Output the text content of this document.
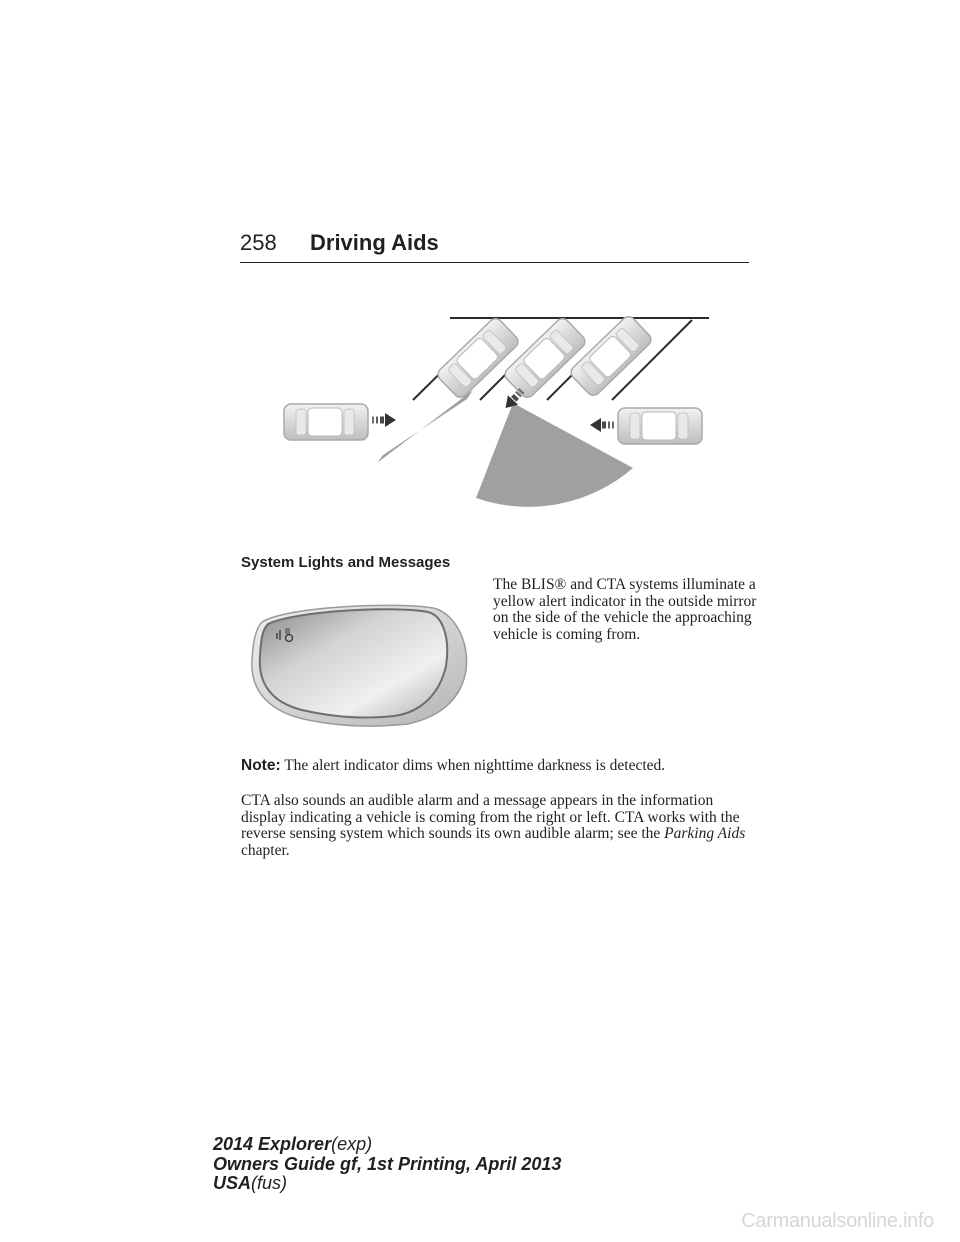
258 Driving Aids
System Lights and Messages
The BLIS® and CTA systems illuminate a yellow alert indicator in the outside mirror on the side of the vehicle the approaching vehicle is coming from.
Note: The alert indicator dims when nighttime darkness is detected.
CTA also sounds an audible alarm and a message appears in the information display indicating a vehicle is coming from the right or left. CTA works with the reverse sensing system which sounds its own audible alarm; see the Parking Aids chapter.
2014 Explorer(exp)
Owners Guide gf, 1st Printing, April 2013
USA(fus)
Carmanualsonline.info
